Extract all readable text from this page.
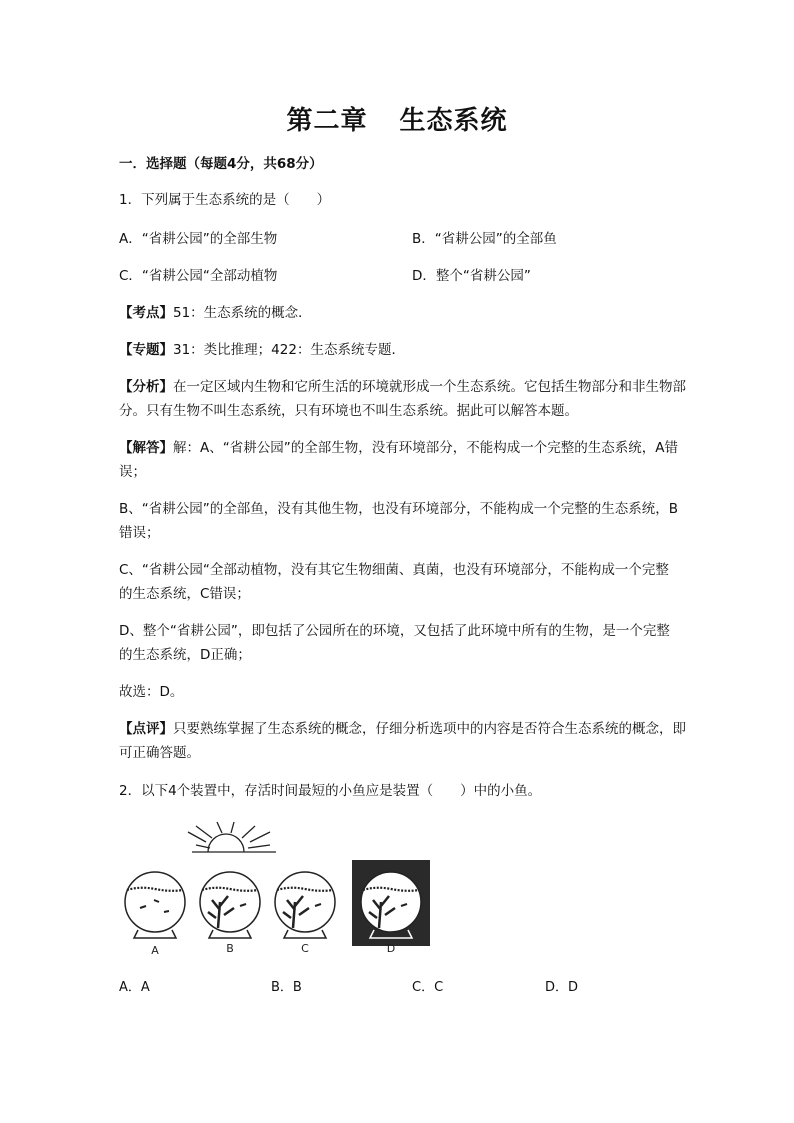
第二章 生态系统
一．选择题（每题4分，共68分）
1．下列属于生态系统的是（　　）
A．“省耕公园”的全部生物	B．“省耕公园”的全部鱼
C．“省耕公园“全部动植物	D．整个“省耕公园”
【考点】51：生态系统的概念．
【专题】31：类比推理；422：生态系统专题．
【分析】在一定区域内生物和它所生活的环境就形成一个生态系统。它包括生物部分和非生物部分。只有生物不叫生态系统，只有环境也不叫生态系统。据此可以解答本题。
【解答】解：A、“省耕公园”的全部生物，没有环境部分，不能构成一个完整的生态系统，A错误；
B、“省耕公园”的全部鱼，没有其他生物，也没有环境部分，不能构成一个完整的生态系统，B错误；
C、“省耕公园“全部动植物，没有其它生物细菌、真菌，也没有环境部分，不能构成一个完整的生态系统，C错误；
D、整个“省耕公园”，即包括了公园所在的环境，又包括了此环境中所有的生物，是一个完整的生态系统，D正确；
故选：D。
【点评】只要熟练掌握了生态系统的概念，仔细分析选项中的内容是否符合生态系统的概念，即可正确答题。
2．以下4个装置中，存活时间最短的小鱼应是装置（　　）中的小鱼。
A	B	C	D
A．A	B．B	C．C	D．D
